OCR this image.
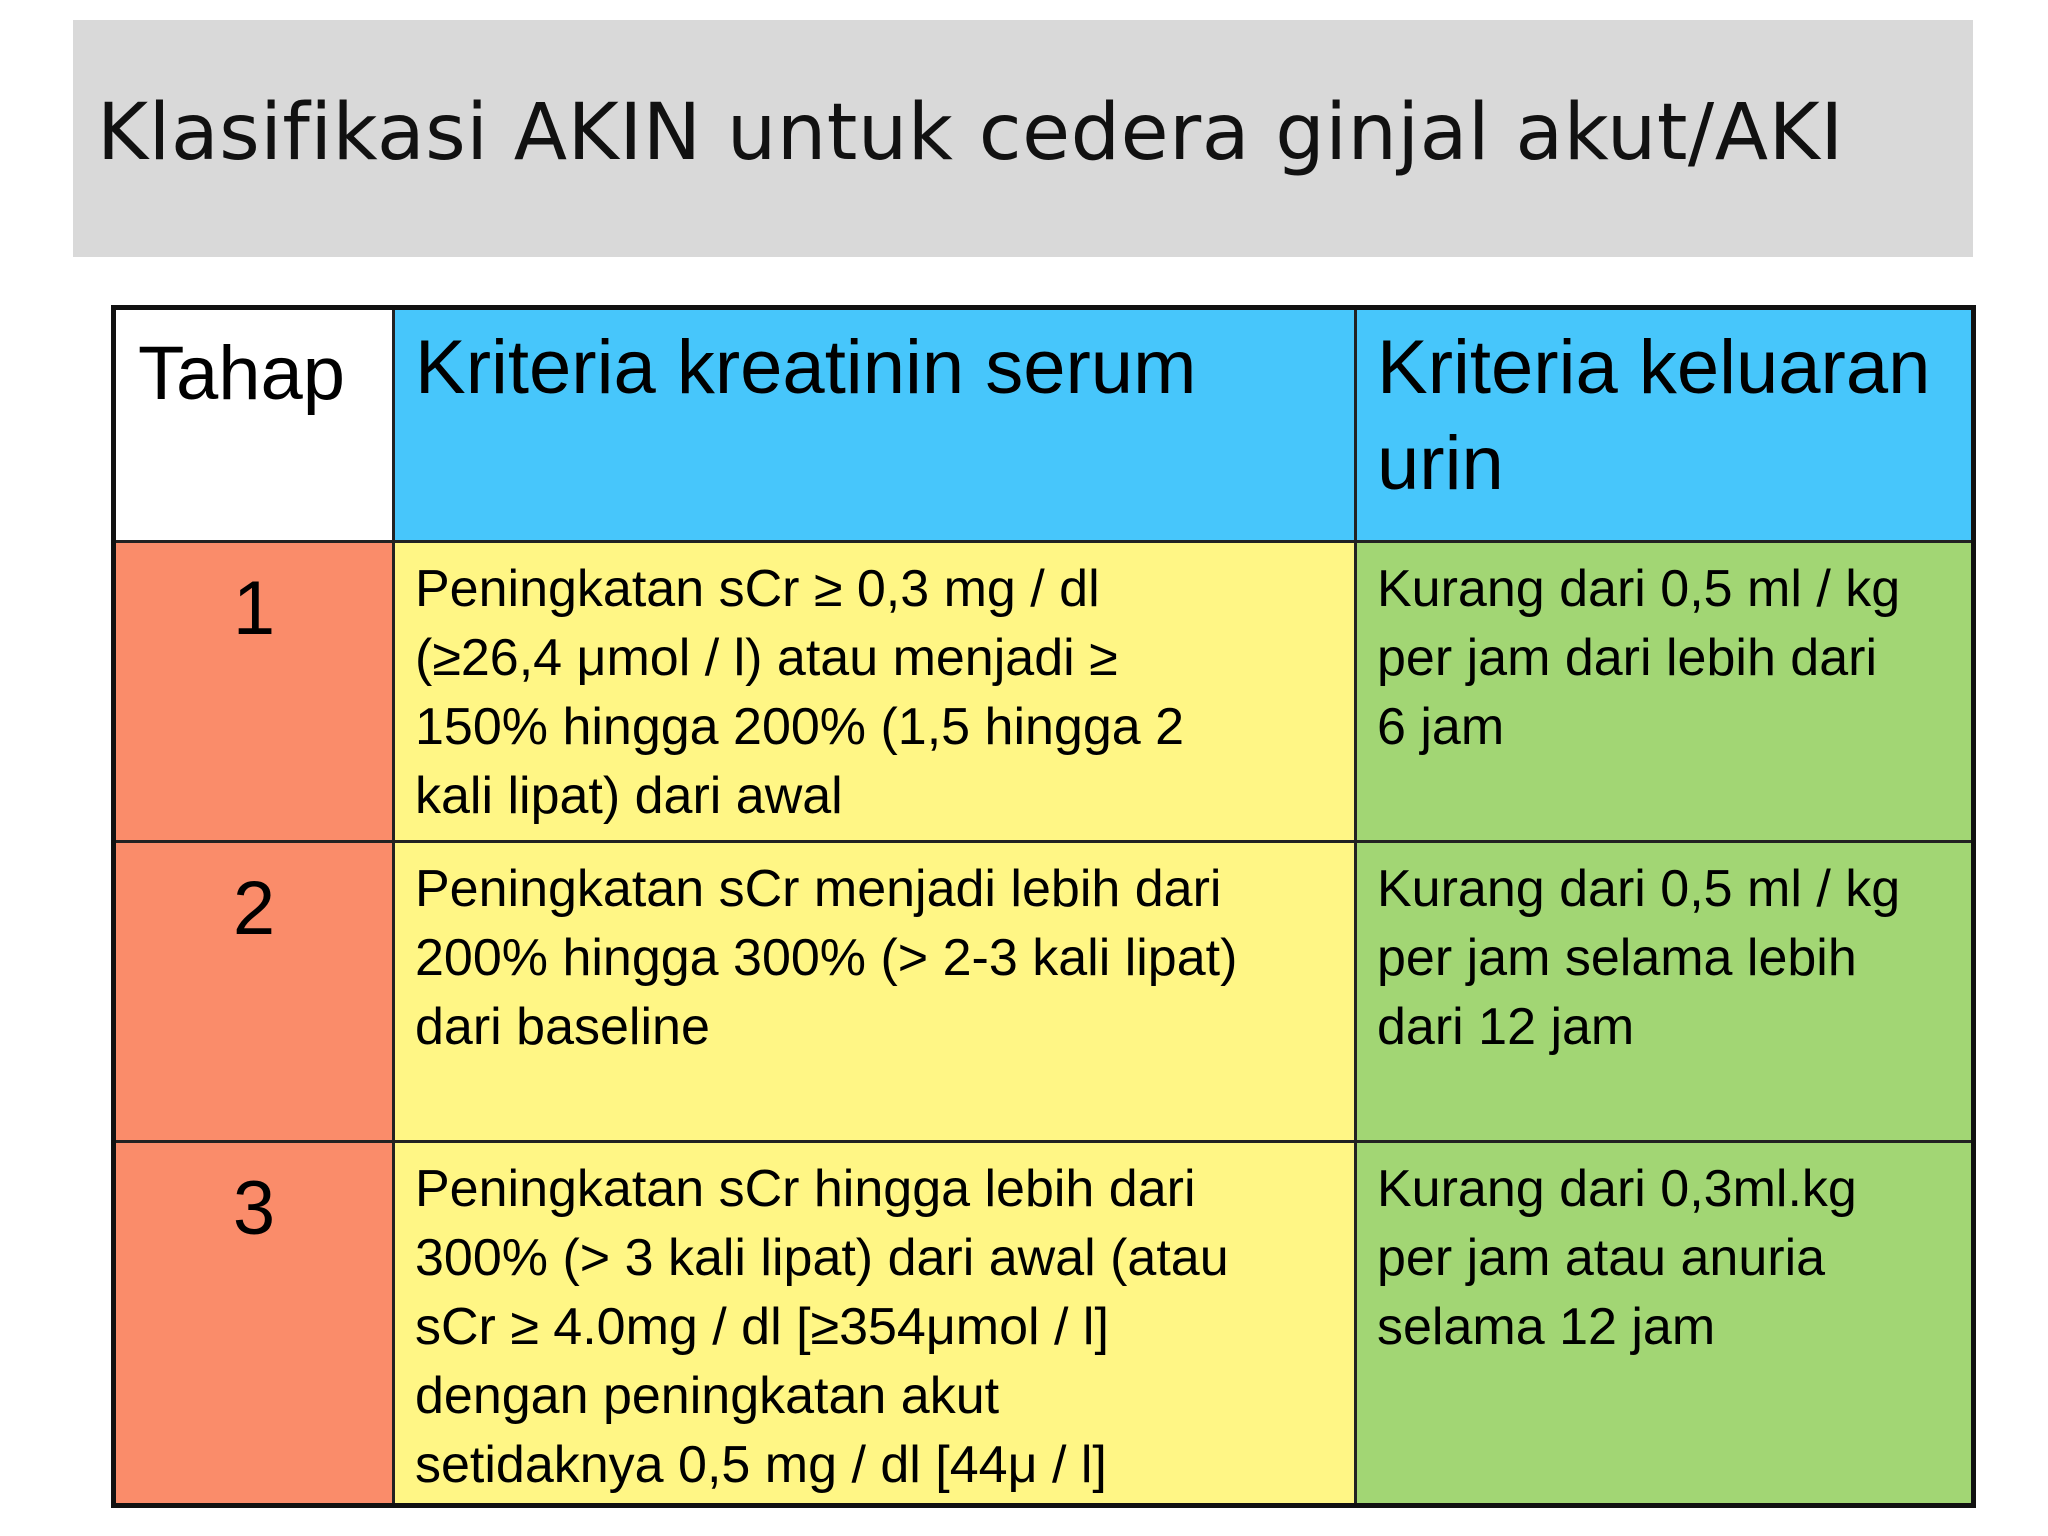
Klasifikasi AKIN untuk cedera ginjal akut/AKI
Tahap	Kriteria kreatinin serum	Kriteria keluaran
urin

1	Peningkatan sCr ≥ 0,3 mg / dl
(≥26,4 μmol / l) atau menjadi ≥
150% hingga 200% (1,5 hingga 2
kali lipat) dari awal	Kurang dari 0,5 ml / kg
per jam dari lebih dari
6 jam

2	Peningkatan sCr menjadi lebih dari
200% hingga 300% (> 2-3 kali lipat)
dari baseline	Kurang dari 0,5 ml / kg
per jam selama lebih
dari 12 jam

3	Peningkatan sCr hingga lebih dari
300% (> 3 kali lipat) dari awal (atau
sCr ≥ 4.0mg / dl [≥354μmol / l]
dengan peningkatan akut
setidaknya 0,5 mg / dl [44μ / l]	Kurang dari 0,3ml.kg
per jam atau anuria
selama 12 jam
